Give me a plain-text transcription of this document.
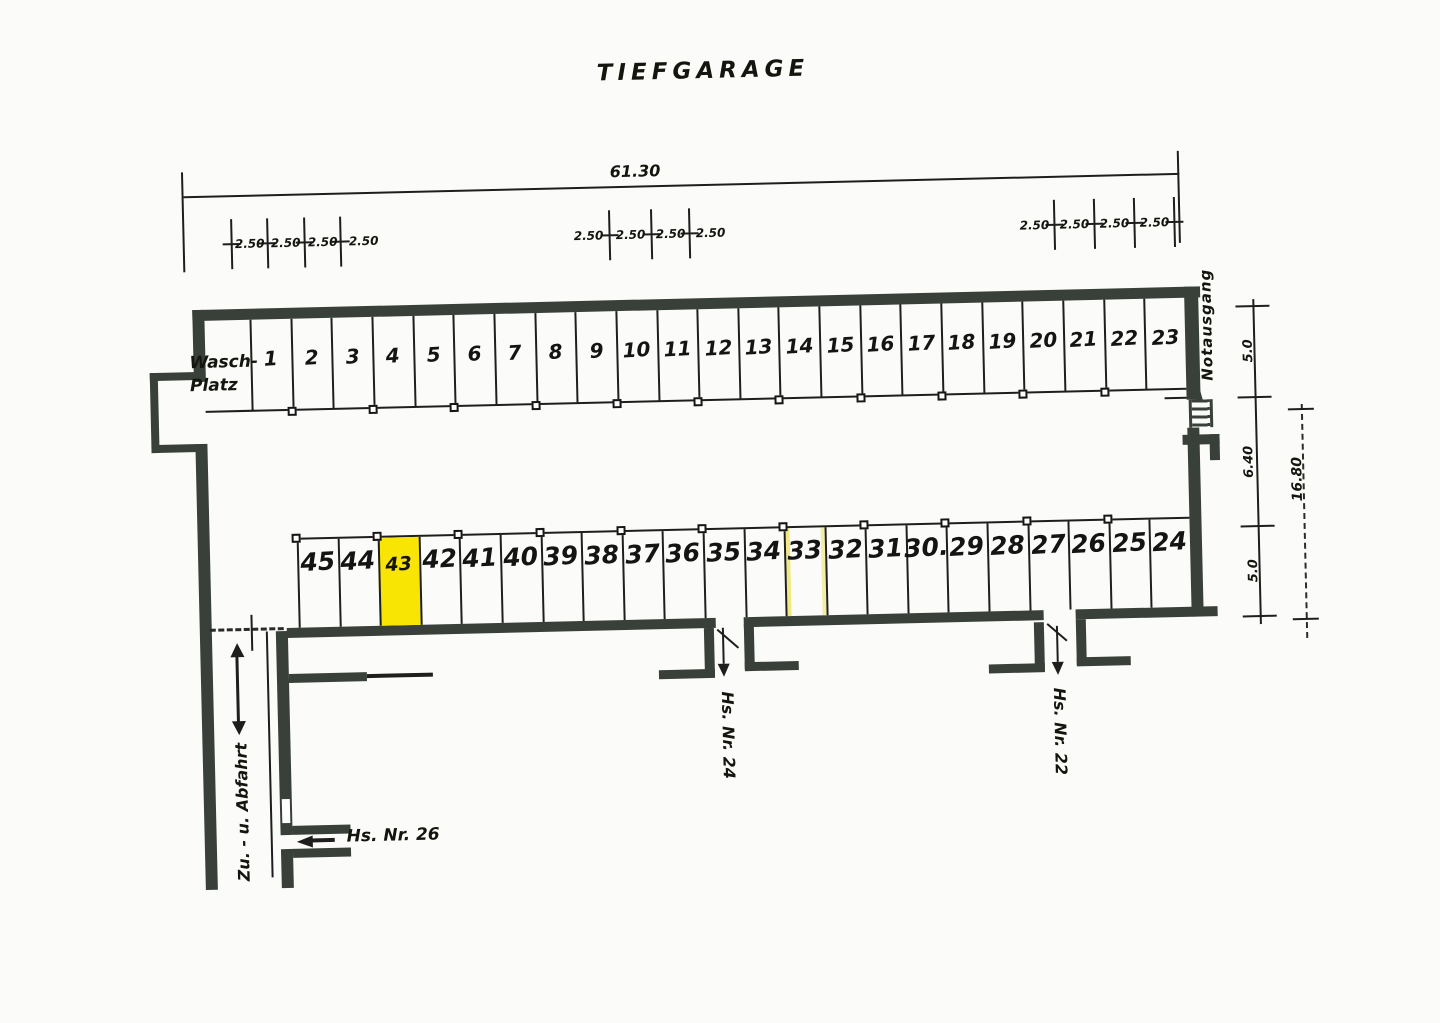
TIEFGARAGE
61.30
2.50 2.50 2.50 2.50	2.50 2.50 2.50 2.50
2.50 2.50 2.50 2.50
Notausgang
1 2 3 4 5 6 7 8 9 10 11 12 13 14 15 16 17 18 19 20 21 22 23
Wasch-
Platz
45 44 43 42 41 40 39 38 37 36 35 34 33 32 31 30. 29 28 27 26 25 24
Hs. Nr. 24	Hs. Nr. 22
Zu. - u. Abfahrt	Hs. Nr. 26
5.0
6.40
5.0
16.80
